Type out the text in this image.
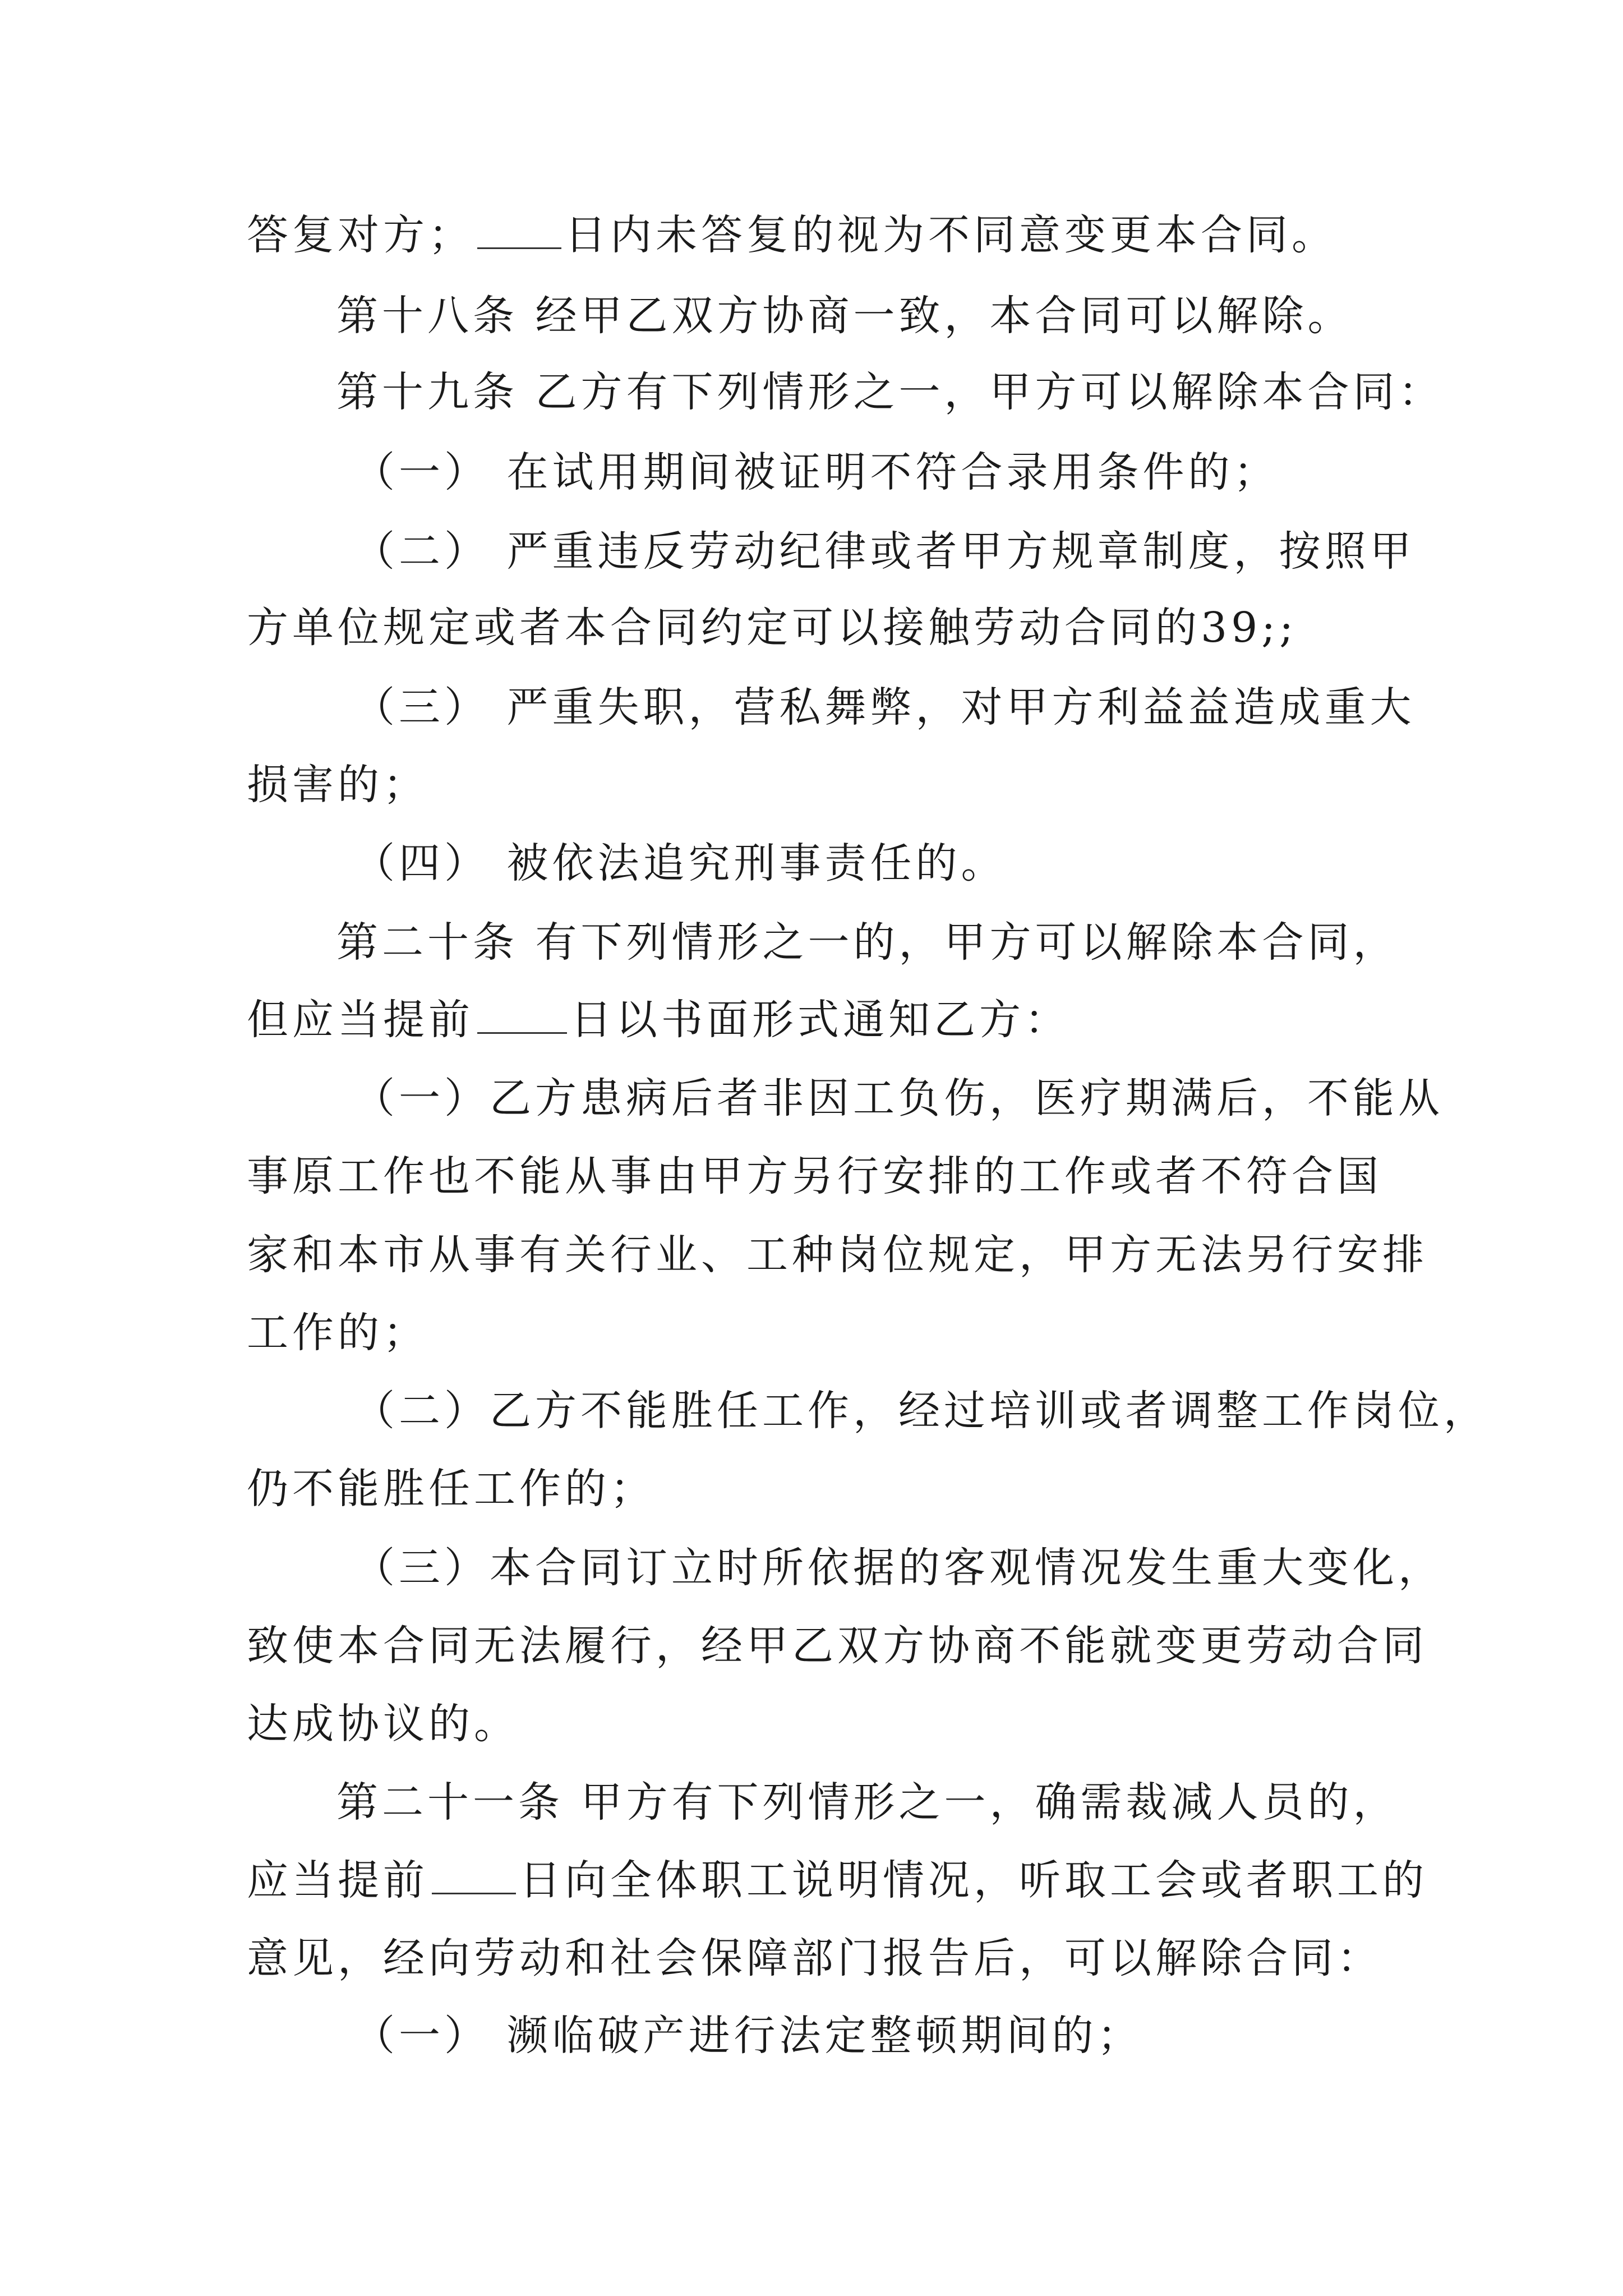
答复对方； 日内未答复的视为不同意变更本合同。

第十八条 经甲乙双方协商一致，本合同可以解除。

第十九条 乙方有下列情形之一，甲方可以解除本合同：

（一） 在试用期间被证明不符合录用条件的；

（二） 严重违反劳动纪律或者甲方规章制度，按照甲

方单位规定或者本合同约定可以接触劳动合同的39;;

（三） 严重失职，营私舞弊，对甲方利益益造成重大

损害的；

（四） 被依法追究刑事责任的。

第二十条 有下列情形之一的，甲方可以解除本合同，

但应当提前 日以书面形式通知乙方：

（一）乙方患病后者非因工负伤，医疗期满后，不能从

事原工作也不能从事由甲方另行安排的工作或者不符合国

家和本市从事有关行业、工种岗位规定，甲方无法另行安排

工作的；

（二）乙方不能胜任工作，经过培训或者调整工作岗位，

仍不能胜任工作的；

（三）本合同订立时所依据的客观情况发生重大变化，

致使本合同无法履行，经甲乙双方协商不能就变更劳动合同

达成协议的。

第二十一条 甲方有下列情形之一，确需裁减人员的，

应当提前 日向全体职工说明情况，听取工会或者职工的

意见，经向劳动和社会保障部门报告后，可以解除合同：

（一） 濒临破产进行法定整顿期间的；
